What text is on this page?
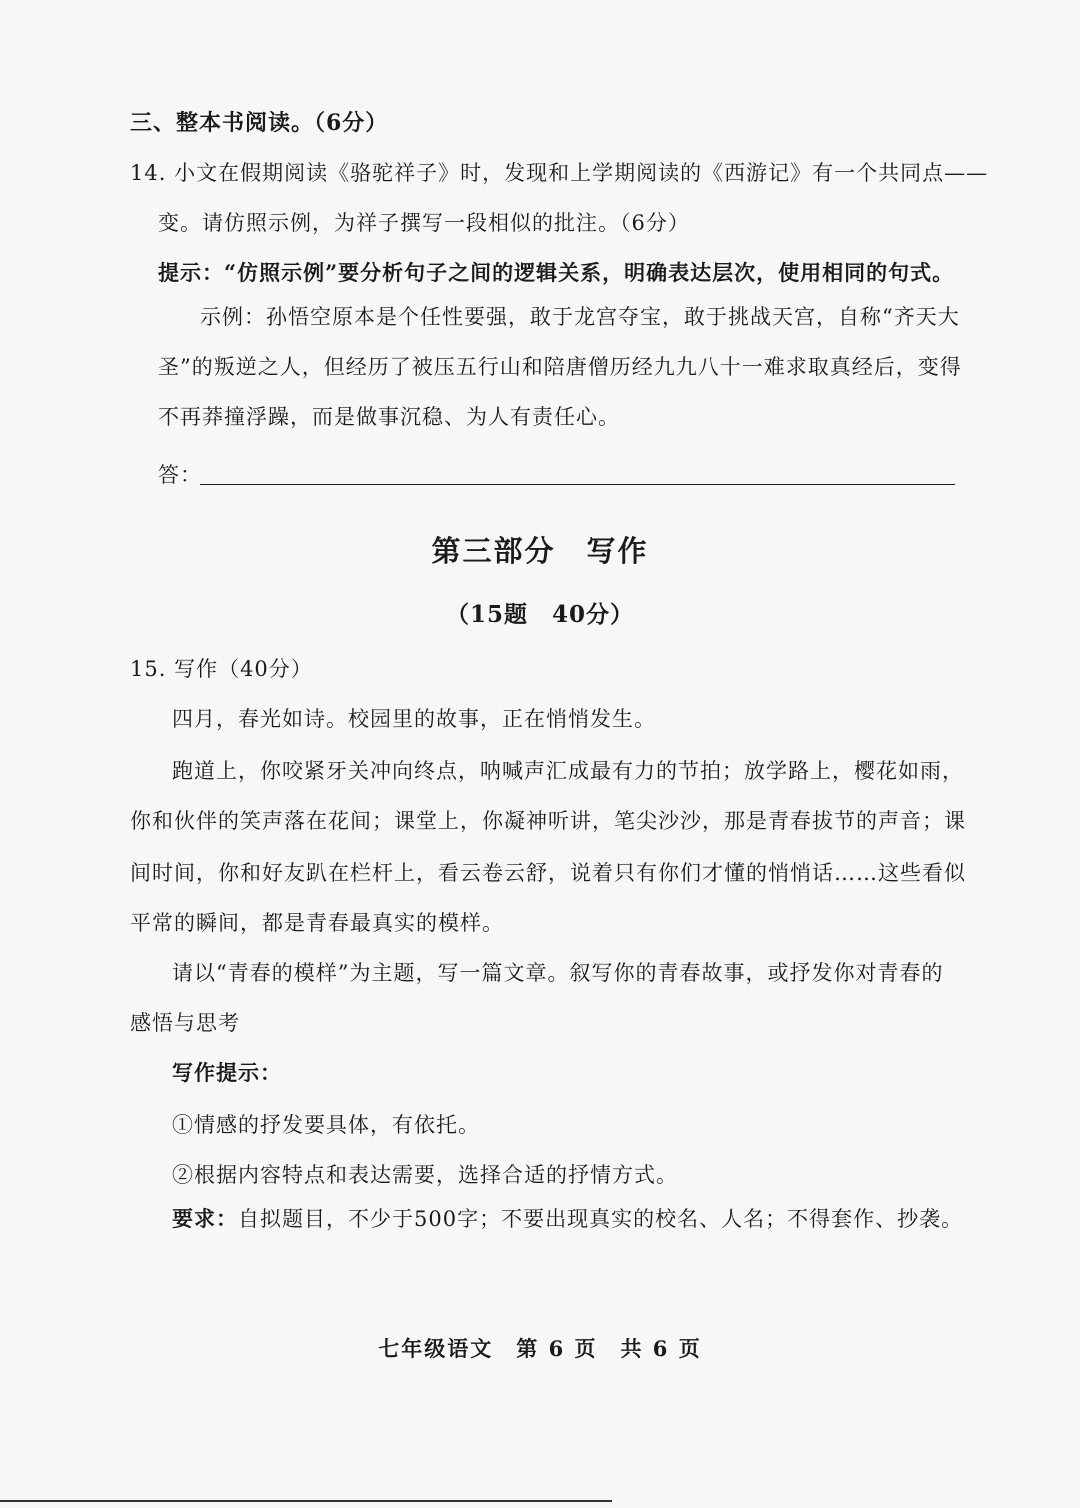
三、整本书阅读。（6分）
14. 小文在假期阅读《骆驼祥子》时，发现和上学期阅读的《西游记》有一个共同点——
变。请仿照示例，为祥子撰写一段相似的批注。（6分）
提示：“仿照示例”要分析句子之间的逻辑关系，明确表达层次，使用相同的句式。
示例：孙悟空原本是个任性要强，敢于龙宫夺宝，敢于挑战天宫，自称“齐天大
圣”的叛逆之人，但经历了被压五行山和陪唐僧历经九九八十一难求取真经后，变得
不再莽撞浮躁，而是做事沉稳、为人有责任心。
答：
第三部分　写作
（15题　40分）
15. 写作（40分）
四月，春光如诗。校园里的故事，正在悄悄发生。
跑道上，你咬紧牙关冲向终点，呐喊声汇成最有力的节拍；放学路上，樱花如雨，
你和伙伴的笑声落在花间；课堂上，你凝神听讲，笔尖沙沙，那是青春拔节的声音；课
间时间，你和好友趴在栏杆上，看云卷云舒，说着只有你们才懂的悄悄话……这些看似
平常的瞬间，都是青春最真实的模样。
请以“青春的模样”为主题，写一篇文章。叙写你的青春故事，或抒发你对青春的
感悟与思考
写作提示：
①情感的抒发要具体，有依托。
②根据内容特点和表达需要，选择合适的抒情方式。
要求：自拟题目，不少于500字；不要出现真实的校名、人名；不得套作、抄袭。
七年级语文　第 6 页　共 6 页
